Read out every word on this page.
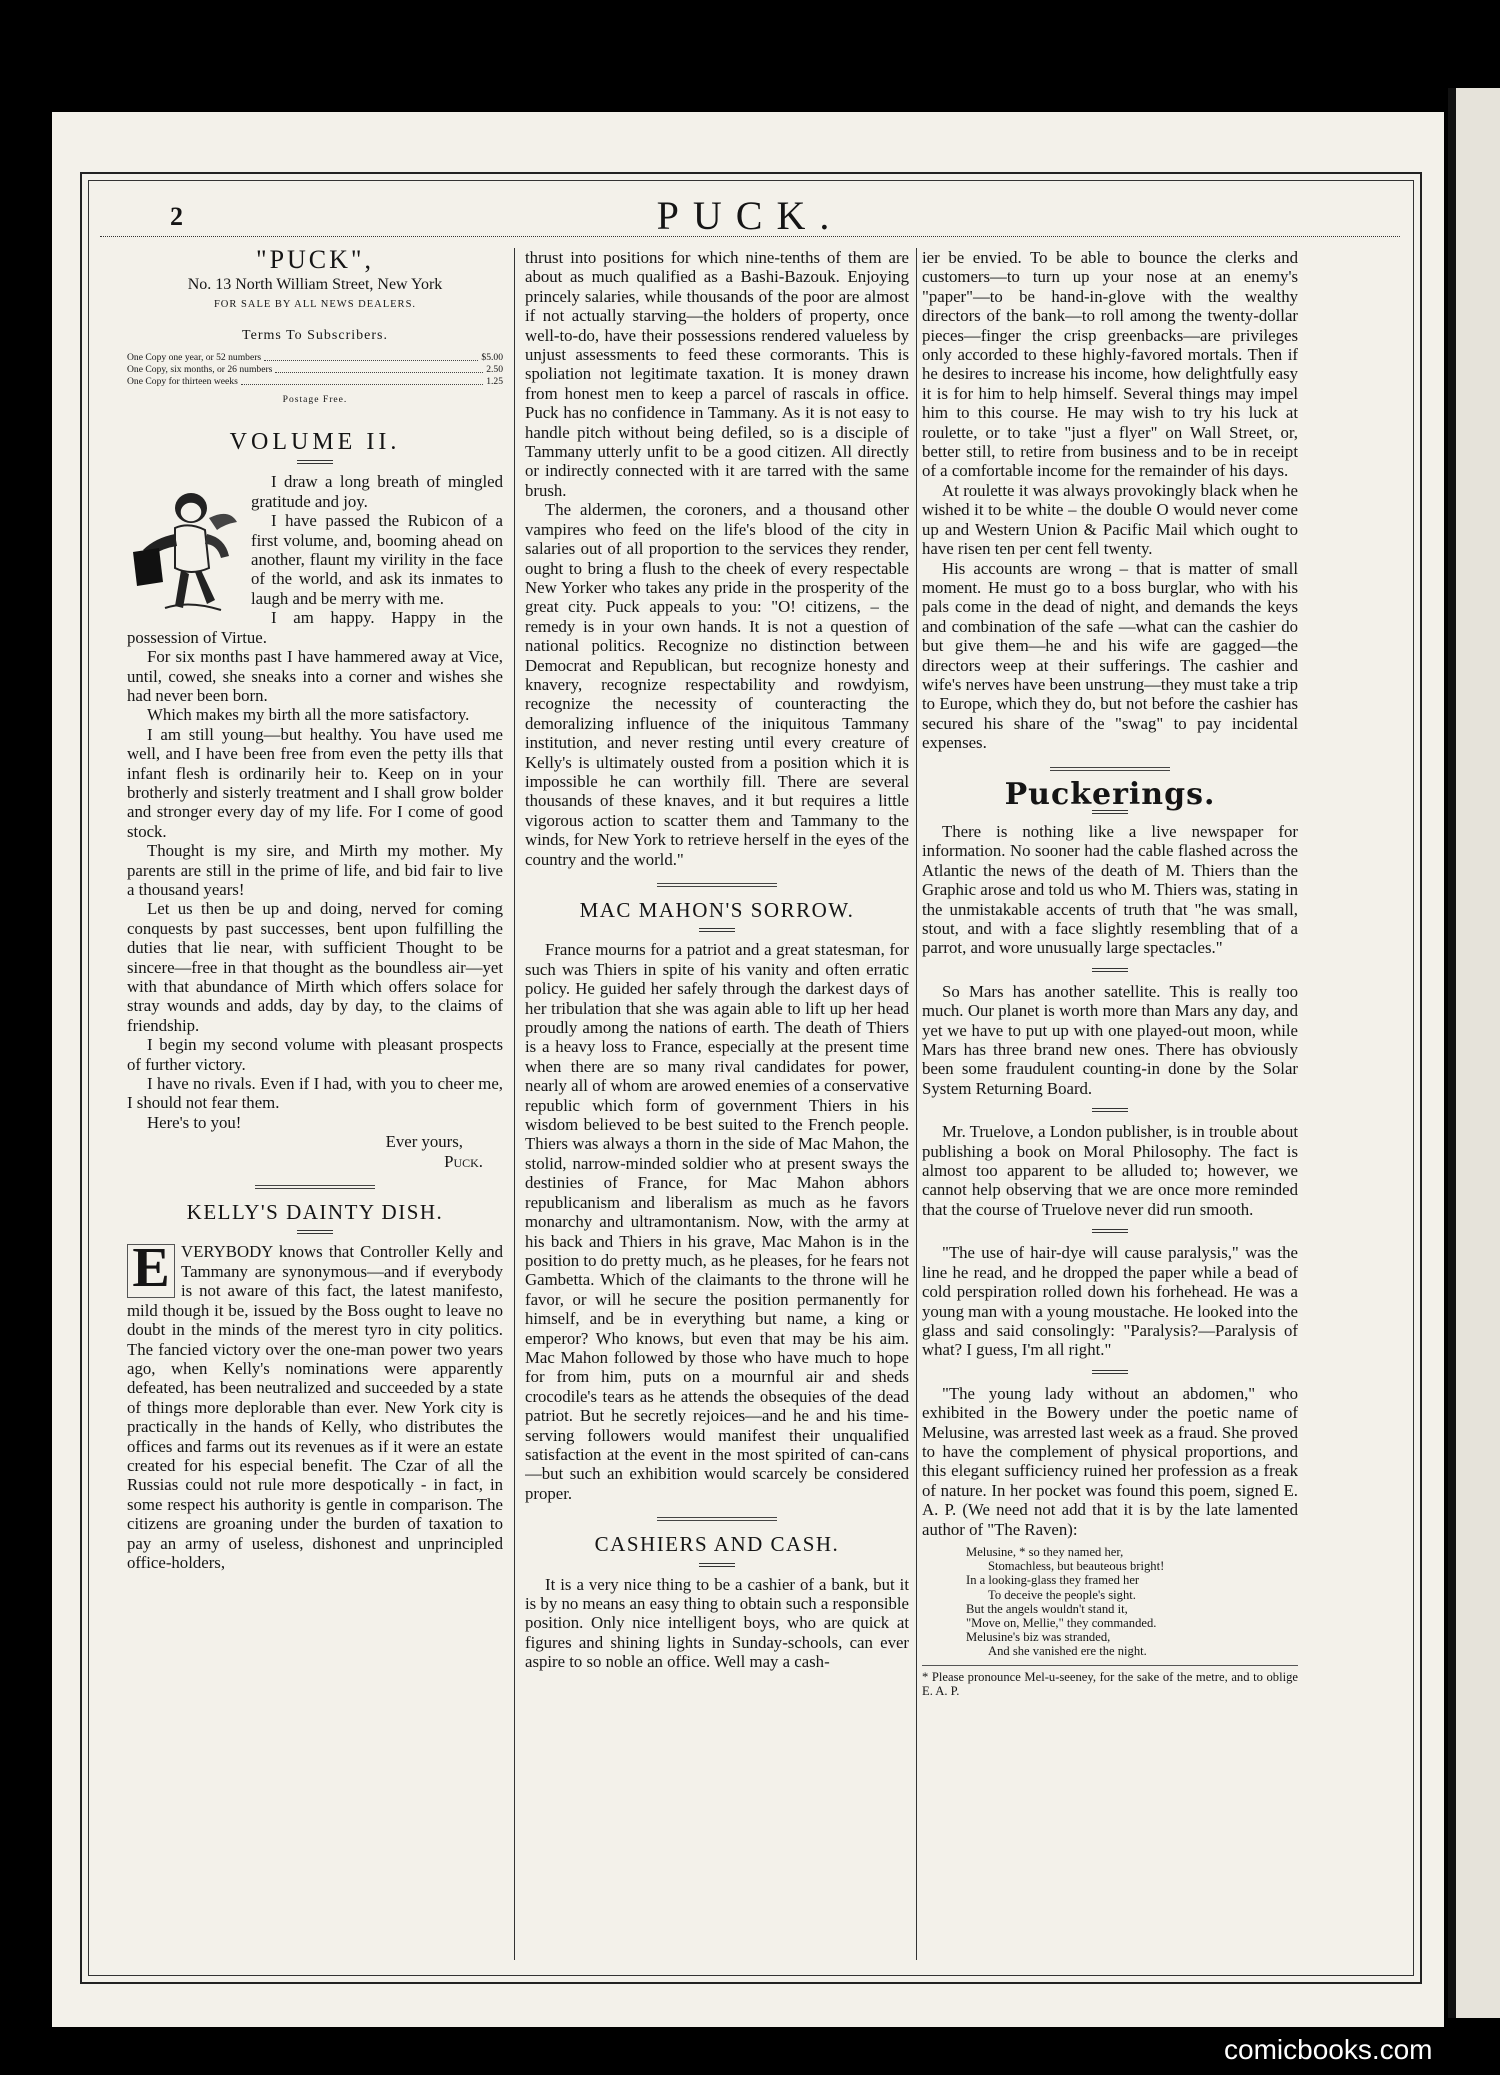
2	PUCK.
"PUCK",
No. 13 North William Street, New York
FOR SALE BY ALL NEWS DEALERS.
Terms To Subscribers.
One Copy one year, or 52 numbers	$5.00
One Copy, six months, or 26 numbers	2.50
One Copy for thirteen weeks	1.25
Postage Free.
VOLUME II.

I draw a long breath of mingled gratitude and joy.

I have passed the Rubicon of a first volume, and, booming ahead on another, flaunt my virility in the face of the world, and ask its inmates to laugh and be merry with me.

I am happy. Happy in the possession of Virtue.

For six months past I have hammered away at Vice, until, cowed, she sneaks into a corner and wishes she had never been born.

Which makes my birth all the more satisfactory.

I am still young—but healthy. You have used me well, and I have been free from even the petty ills that infant flesh is ordinarily heir to. Keep on in your brotherly and sisterly treatment and I shall grow bolder and stronger every day of my life. For I come of good stock.

Thought is my sire, and Mirth my mother. My parents are still in the prime of life, and bid fair to live a thousand years!

Let us then be up and doing, nerved for coming conquests by past successes, bent upon fulfilling the duties that lie near, with sufficient Thought to be sincere—free in that thought as the boundless air—yet with that abundance of Mirth which offers solace for stray wounds and adds, day by day, to the claims of friendship.

I begin my second volume with pleasant prospects of further victory.

I have no rivals. Even if I had, with you to cheer me, I should not fear them.

Here's to you!

Ever yours,
Puck.
KELLY'S DAINTY DISH.
E VERYBODY knows that Controller Kelly and Tammany are synonymous—and if everybody is not aware of this fact, the latest manifesto, mild though it be, issued by the Boss ought to leave no doubt in the minds of the merest tyro in city politics. The fancied victory over the one-man power two years ago, when Kelly's nominations were apparently defeated, has been neutralized and succeeded by a state of things more deplorable than ever. New York city is practically in the hands of Kelly, who distributes the offices and farms out its revenues as if it were an estate created for his especial benefit. The Czar of all the Russias could not rule more despotically - in fact, in some respect his authority is gentle in comparison. The citizens are groaning under the burden of taxation to pay an army of useless, dishonest and unprincipled office-holders,

thrust into positions for which nine-tenths of them are about as much qualified as a Bashi-Bazouk. Enjoying princely salaries, while thousands of the poor are almost if not actually starving—the holders of property, once well-to-do, have their possessions rendered valueless by unjust assessments to feed these cormorants. This is spoliation not legitimate taxation. It is money drawn from honest men to keep a parcel of rascals in office. Puck has no confidence in Tammany. As it is not easy to handle pitch without being defiled, so is a disciple of Tammany utterly unfit to be a good citizen. All directly or indirectly connected with it are tarred with the same brush.

The aldermen, the coroners, and a thousand other vampires who feed on the life's blood of the city in salaries out of all proportion to the services they render, ought to bring a flush to the cheek of every respectable New Yorker who takes any pride in the prosperity of the great city. Puck appeals to you: "O! citizens, – the remedy is in your own hands. It is not a question of national politics. Recognize no distinction between Democrat and Republican, but recognize honesty and knavery, recognize respectability and rowdyism, recognize the necessity of counteracting the demoralizing influence of the iniquitous Tammany institution, and never resting until every creature of Kelly's is ultimately ousted from a position which it is impossible he can worthily fill. There are several thousands of these knaves, and it but requires a little vigorous action to scatter them and Tammany to the winds, for New York to retrieve herself in the eyes of the country and the world."

MAC MAHON'S SORROW.

France mourns for a patriot and a great statesman, for such was Thiers in spite of his vanity and often erratic policy. He guided her safely through the darkest days of her tribulation that she was again able to lift up her head proudly among the nations of earth. The death of Thiers is a heavy loss to France, especially at the present time when there are so many rival candidates for power, nearly all of whom are arowed enemies of a conservative republic which form of government Thiers in his wisdom believed to be best suited to the French people. Thiers was always a thorn in the side of Mac Mahon, the stolid, narrow-minded soldier who at present sways the destinies of France, for Mac Mahon abhors republicanism and liberalism as much as he favors monarchy and ultramontanism. Now, with the army at his back and Thiers in his grave, Mac Mahon is in the position to do pretty much, as he pleases, for he fears not Gambetta. Which of the claimants to the throne will he favor, or will he secure the position permanently for himself, and be in everything but name, a king or emperor? Who knows, but even that may be his aim. Mac Mahon followed by those who have much to hope for from him, puts on a mournful air and sheds crocodile's tears as he attends the obsequies of the dead patriot. But he secretly rejoices—and he and his time-serving followers would manifest their unqualified satisfaction at the event in the most spirited of can-cans—but such an exhibition would scarcely be considered proper.

CASHIERS AND CASH.

It is a very nice thing to be a cashier of a bank, but it is by no means an easy thing to obtain such a responsible position. Only nice intelligent boys, who are quick at figures and shining lights in Sunday-schools, can ever aspire to so noble an office. Well may a cash-

ier be envied. To be able to bounce the clerks and customers—to turn up your nose at an enemy's "paper"—to be hand-in-glove with the wealthy directors of the bank—to roll among the twenty-dollar pieces—finger the crisp greenbacks—are privileges only accorded to these highly-favored mortals. Then if he desires to increase his income, how delightfully easy it is for him to help himself. Several things may impel him to this course. He may wish to try his luck at roulette, or to take "just a flyer" on Wall Street, or, better still, to retire from business and to be in receipt of a comfortable income for the remainder of his days.

At roulette it was always provokingly black when he wished it to be white – the double O would never come up and Western Union & Pacific Mail which ought to have risen ten per cent fell twenty.

His accounts are wrong – that is matter of small moment. He must go to a boss burglar, who with his pals come in the dead of night, and demands the keys and combination of the safe —what can the cashier do but give them—he and his wife are gagged—the directors weep at their sufferings. The cashier and wife's nerves have been unstrung—they must take a trip to Europe, which they do, but not before the cashier has secured his share of the "swag" to pay incidental expenses.

Puckerings.

There is nothing like a live newspaper for information. No sooner had the cable flashed across the Atlantic the news of the death of M. Thiers than the Graphic arose and told us who M. Thiers was, stating in the unmistakable accents of truth that "he was small, stout, and with a face slightly resembling that of a parrot, and wore unusually large spectacles."

So Mars has another satellite. This is really too much. Our planet is worth more than Mars any day, and yet we have to put up with one played-out moon, while Mars has three brand new ones. There has obviously been some fraudulent counting-in done by the Solar System Returning Board.

Mr. Truelove, a London publisher, is in trouble about publishing a book on Moral Philosophy. The fact is almost too apparent to be alluded to; however, we cannot help observing that we are once more reminded that the course of Truelove never did run smooth.

"The use of hair-dye will cause paralysis," was the line he read, and he dropped the paper while a bead of cold perspiration rolled down his forhehead. He was a young man with a young moustache. He looked into the glass and said consolingly: "Paralysis?—Paralysis of what? I guess, I'm all right."

"The young lady without an abdomen," who exhibited in the Bowery under the poetic name of Melusine, was arrested last week as a fraud. She proved to have the complement of physical proportions, and this elegant sufficiency ruined her profession as a freak of nature. In her pocket was found this poem, signed E. A. P. (We need not add that it is by the late lamented author of "The Raven):

Melusine, * so they named her,
Stomachless, but beauteous bright!
In a looking-glass they framed her
To deceive the people's sight.
But the angels wouldn't stand it,
"Move on, Mellie," they commanded.
Melusine's biz was stranded,
And she vanished ere the night.
* Please pronounce Mel-u-seeney, for the sake of the metre, and to oblige E. A. P.
comicbooks.com
